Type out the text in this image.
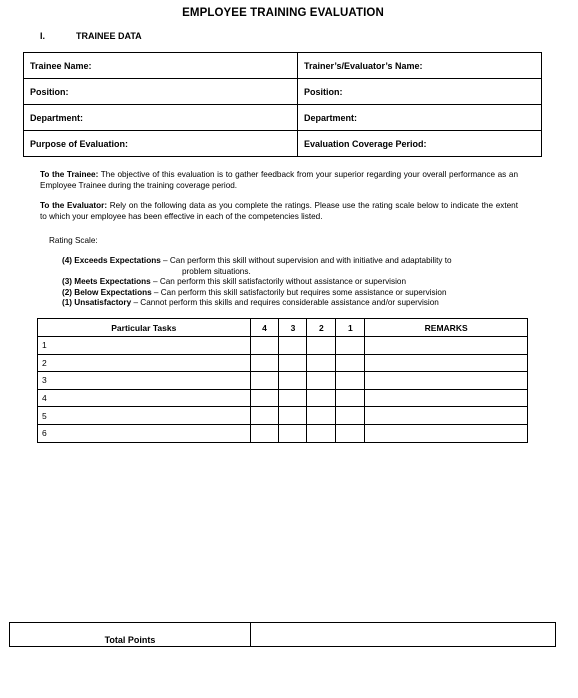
EMPLOYEE TRAINING EVALUATION
I.	TRAINEE DATA
Trainee Name:	Trainer’s/Evaluator’s Name:
Position:	Position:
Department:	Department:
Purpose of Evaluation:	Evaluation Coverage Period:
To the Trainee: The objective of this evaluation is to gather feedback from your superior regarding your overall performance as an Employee Trainee during the training coverage period.
To the Evaluator: Rely on the following data as you complete the ratings. Please use the rating scale below to indicate the extent to which your employee has been effective in each of the competencies listed.
Rating Scale:
(4) Exceeds Expectations – Can perform this skill without supervision and with initiative and adaptability to
problem situations.
(3) Meets Expectations – Can perform this skill satisfactorily without assistance or supervision
(2) Below Expectations – Can perform this skill satisfactorily but requires some assistance or supervision
(1) Unsatisfactory – Cannot perform this skills and requires considerable assistance and/or supervision
Particular Tasks	4	3	2	1	REMARKS
1					
2					
3					
4					
5					
6					
Total Points	
